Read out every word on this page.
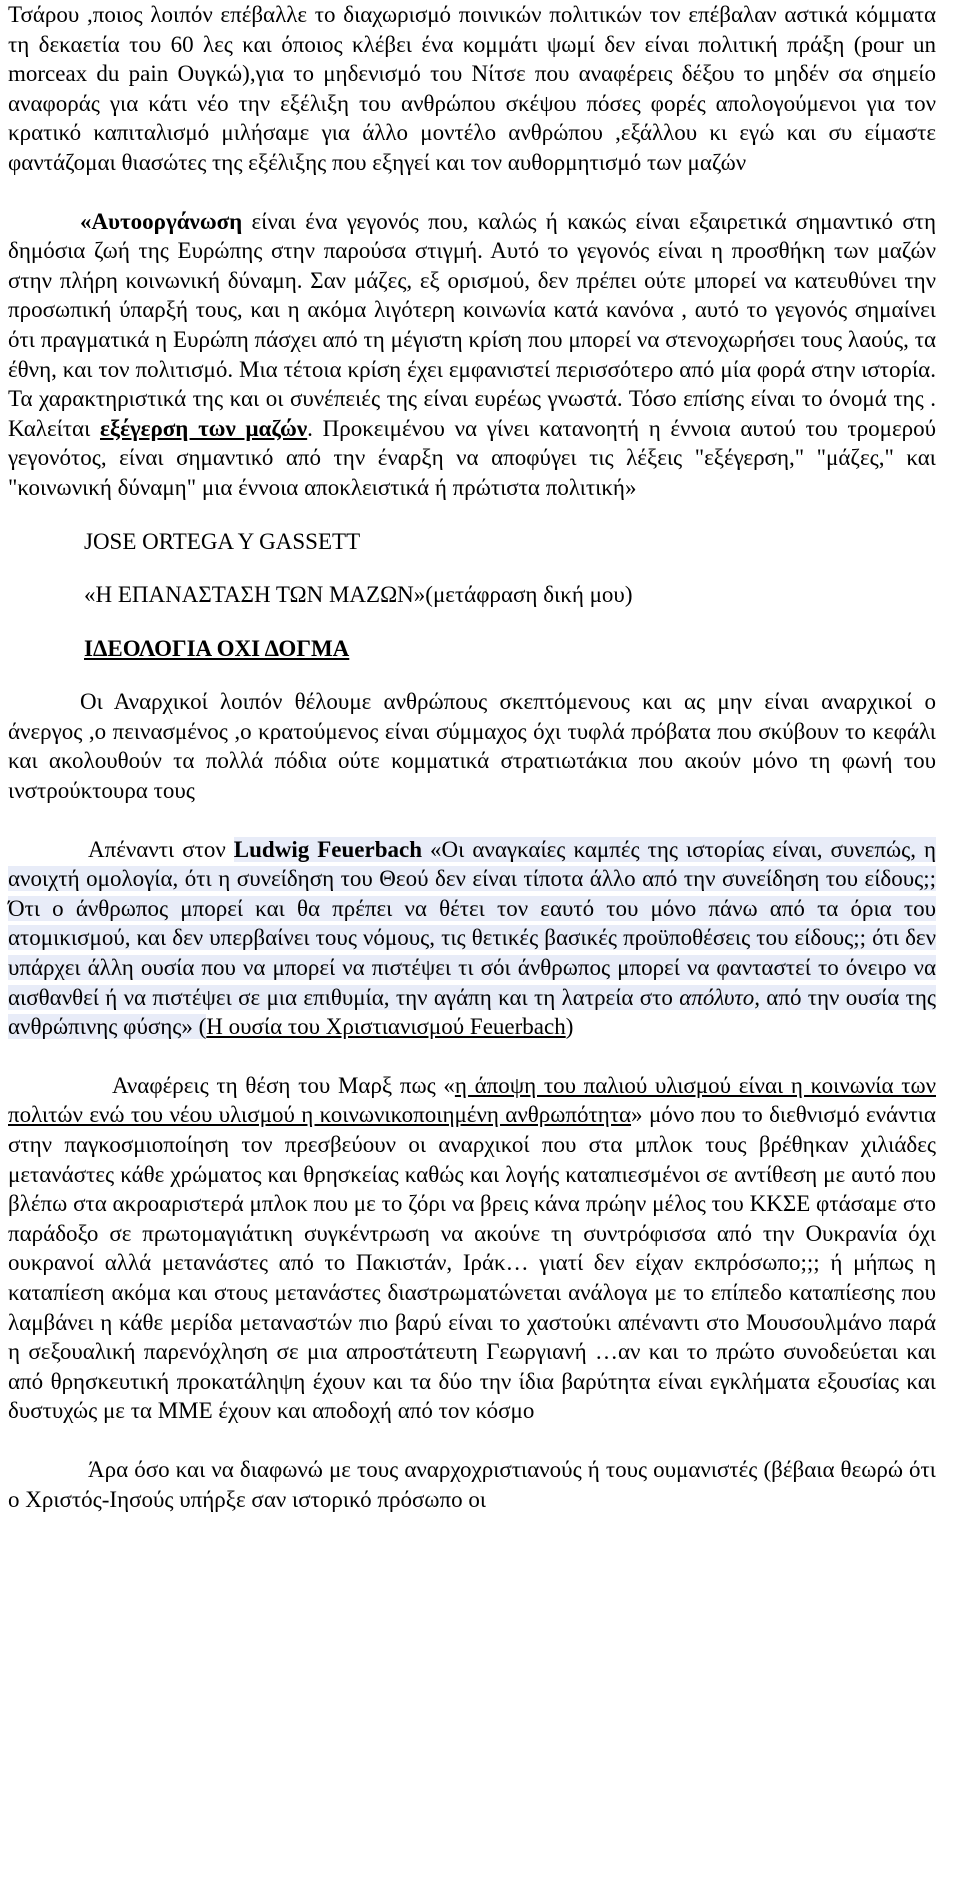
Τσάρου ,ποιος λοιπόν επέβαλλε το διαχωρισμό ποινικών πολιτικών τον επέβαλαν αστικά κόμματα τη δεκαετία του 60 λες και όποιος κλέβει ένα κομμάτι ψωμί δεν είναι πολιτική πράξη (pour un morceax du pain Ουγκώ),για το μηδενισμό του Νίτσε που αναφέρεις δέξου το μηδέν σα σημείο αναφοράς για κάτι νέο την εξέλιξη του ανθρώπου σκέψου πόσες φορές απολογούμενοι για τον κρατικό καπιταλισμό μιλήσαμε για άλλο μοντέλο ανθρώπου ,εξάλλου κι εγώ και συ είμαστε φαντάζομαι θιασώτες της εξέλιξης που εξηγεί και τον αυθορμητισμό των μαζών

«Αυτοοργάνωση είναι ένα γεγονός που, καλώς ή κακώς είναι εξαιρετικά σημαντικό στη δημόσια ζωή της Ευρώπης στην παρούσα στιγμή. Αυτό το γεγονός είναι η προσθήκη των μαζών στην πλήρη κοινωνική δύναμη. Σαν μάζες, εξ ορισμού, δεν πρέπει ούτε μπορεί να κατευθύνει την προσωπική ύπαρξή τους, και η ακόμα λιγότερη κοινωνία κατά κανόνα , αυτό το γεγονός σημαίνει ότι πραγματικά η Ευρώπη πάσχει από τη μέγιστη κρίση που μπορεί να στενοχωρήσει τους λαούς, τα έθνη, και τον πολιτισμό. Μια τέτοια κρίση έχει εμφανιστεί περισσότερο από μία φορά στην ιστορία. Τα χαρακτηριστικά της και οι συνέπειές της είναι ευρέως γνωστά. Τόσο επίσης είναι το όνομά της . Καλείται εξέγερση των μαζών. Προκειμένου να γίνει κατανοητή η έννοια αυτού του τρομερού γεγονότος, είναι σημαντικό από την έναρξη να αποφύγει τις λέξεις "εξέγερση," "μάζες," και "κοινωνική δύναμη" μια έννοια αποκλειστικά ή πρώτιστα πολιτική»

JOSE ORTEGA Y GASSETT

«Η ΕΠΑΝΑΣΤΑΣΗ ΤΩΝ ΜΑΖΩΝ»(μετάφραση δική μου)

ΙΔΕΟΛΟΓΙΑ ΟΧΙ ΔΟΓΜΑ

Οι Αναρχικοί λοιπόν θέλουμε ανθρώπους σκεπτόμενους και ας μην είναι αναρχικοί ο άνεργος ,ο πεινασμένος ,ο κρατούμενος είναι σύμμαχος όχι τυφλά πρόβατα που σκύβουν το κεφάλι και ακολουθούν τα πολλά πόδια ούτε κομματικά στρατιωτάκια που ακούν μόνο τη φωνή του ινστρούκτουρα τους

Απέναντι στον Ludwig Feuerbach «Οι αναγκαίες καμπές της ιστορίας είναι, συνεπώς, η ανοιχτή ομολογία, ότι η συνείδηση του Θεού δεν είναι τίποτα άλλο από την συνείδηση του είδους;; Ότι ο άνθρωπος μπορεί και θα πρέπει να θέτει τον εαυτό του μόνο πάνω από τα όρια του ατομικισμού, και δεν υπερβαίνει τους νόμους, τις θετικές βασικές προϋποθέσεις του είδους;; ότι δεν υπάρχει άλλη ουσία που να μπορεί να πιστέψει τι σόι άνθρωπος μπορεί να φανταστεί το όνειρο να αισθανθεί ή να πιστέψει σε μια επιθυμία, την αγάπη και τη λατρεία στο απόλυτο, από την ουσία της ανθρώπινης φύσης» (Η ουσία του Χριστιανισμού Feuerbach)

Αναφέρεις τη θέση του Μαρξ πως «η άποψη του παλιού υλισμού είναι η κοινωνία των πολιτών ενώ του νέου υλισμού η κοινωνικοποιημένη ανθρωπότητα» μόνο που το διεθνισμό ενάντια στην παγκοσμιοποίηση τον πρεσβεύουν οι αναρχικοί που στα μπλοκ τους βρέθηκαν χιλιάδες μετανάστες κάθε χρώματος και θρησκείας καθώς και λογής καταπιεσμένοι σε αντίθεση με αυτό που βλέπω στα ακροαριστερά μπλοκ που με το ζόρι να βρεις κάνα πρώην μέλος του ΚΚΣΕ φτάσαμε στο παράδοξο σε πρωτομαγιάτικη συγκέντρωση να ακούνε τη συντρόφισσα από την Ουκρανία όχι ουκρανοί αλλά μετανάστες από το Πακιστάν, Ιράκ… γιατί δεν είχαν εκπρόσωπο;;; ή μήπως η καταπίεση ακόμα και στους μετανάστες διαστρωματώνεται ανάλογα με το επίπεδο καταπίεσης που λαμβάνει η κάθε μερίδα μεταναστών πιο βαρύ είναι το χαστούκι απέναντι στο Μουσουλμάνο παρά η σεξουαλική παρενόχληση σε μια απροστάτευτη Γεωργιανή …αν και το πρώτο συνοδεύεται και από θρησκευτική προκατάληψη έχουν και τα δύο την ίδια βαρύτητα είναι εγκλήματα εξουσίας και δυστυχώς με τα ΜΜΕ έχουν και αποδοχή από τον κόσμο

Άρα όσο και να διαφωνώ με τους αναρχοχριστιανούς ή τους ουμανιστές (βέβαια θεωρώ ότι ο Χριστός-Ιησούς υπήρξε σαν ιστορικό πρόσωπο οι
